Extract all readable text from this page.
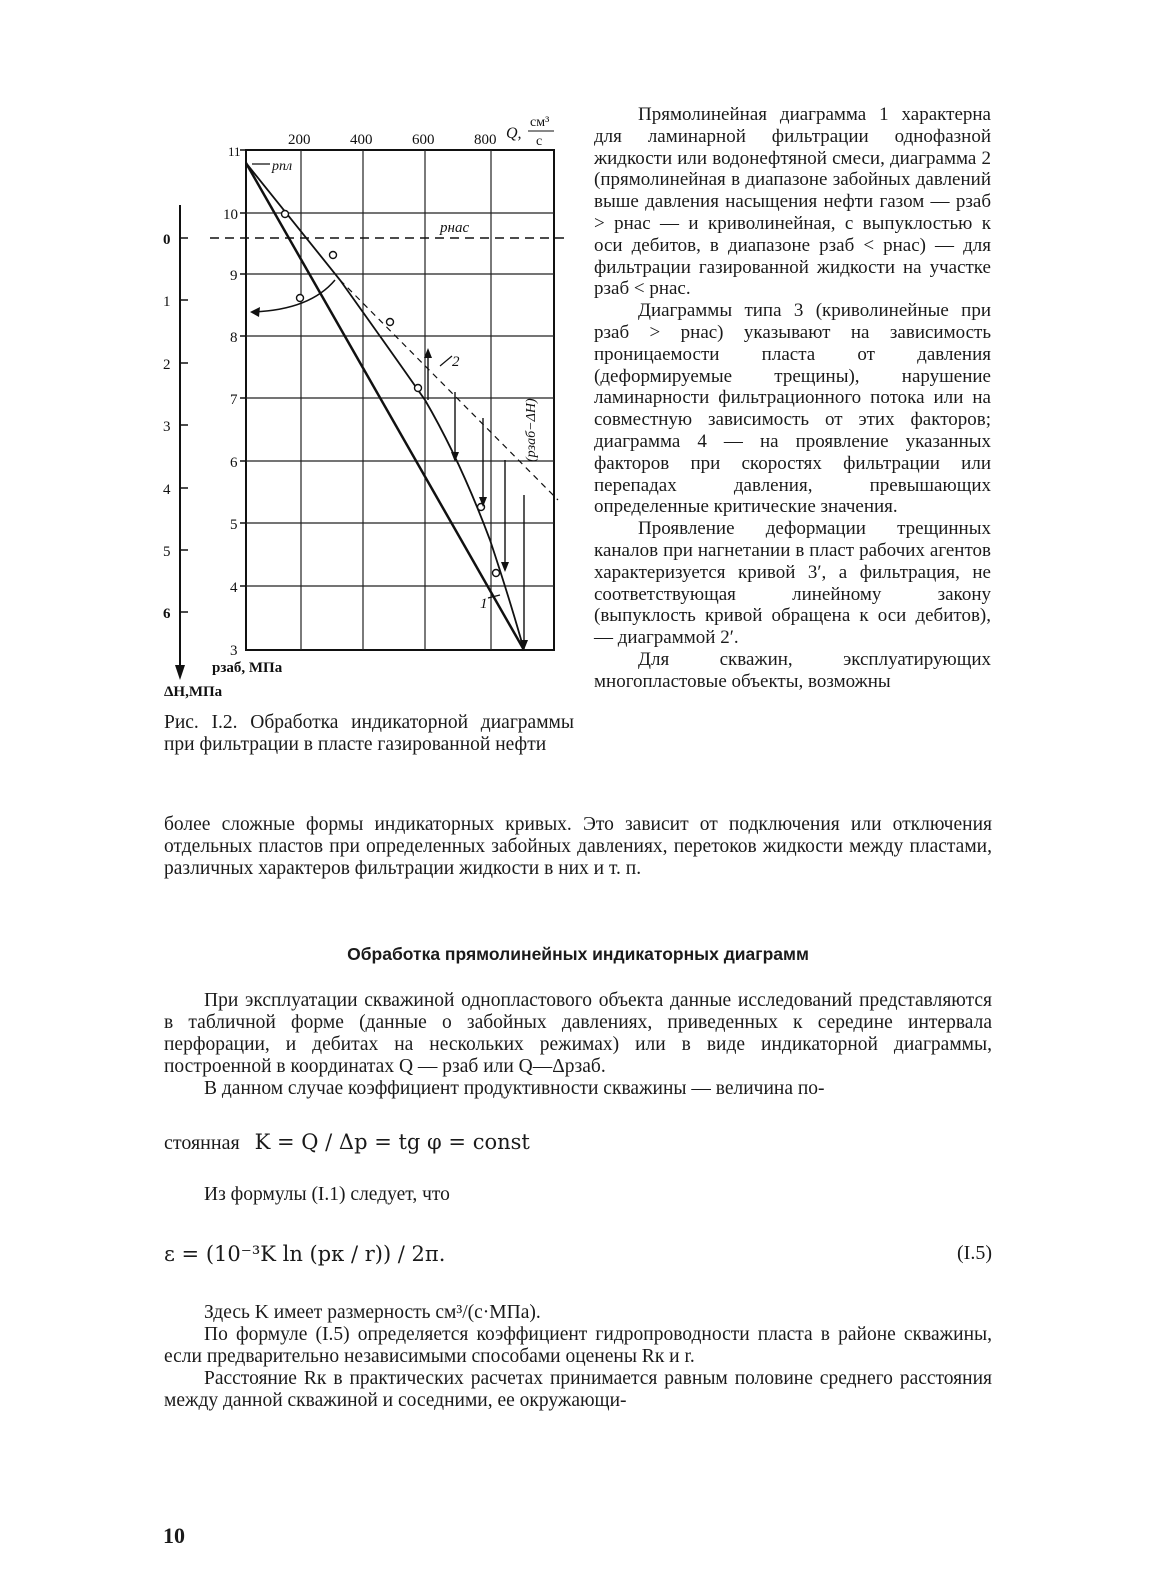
200	400	600	800 Q,
см³
с
11
10
9
8
7
6
5
4
3
0
1
2
3
4
5
6
pпл
pнас
(pзаб−ΔH)
2
1
pзаб, МПа
ΔH,МПа

Прямолинейная диаграмма 1 характерна для ламинарной фильтрации однофазной жидкости или водонефтяной смеси, диаграмма 2 (прямолинейная в диапазоне забойных давлений выше давления насыщения нефти газом — pзаб > pнас — и криволинейная, с выпуклостью к оси дебитов, в диапазоне pзаб < pнас) — для фильтрации газированной жидкости на участке pзаб < pнас.

Диаграммы типа 3 (криволинейные при pзаб > pнас) указывают на зависимость проницаемости пласта от давления (деформируемые трещины), нарушение ламинарности фильтрационного потока или на совместную зависимость от этих факторов; диаграмма 4 — на проявление указанных факторов при скоростях фильтрации или перепадах давления, превышающих определенные критические значения.

Проявление деформации трещинных каналов при нагнетании в пласт рабочих агентов характеризуется кривой 3′, а фильтрация, не соответствующая линейному закону (выпуклость кривой обращена к оси дебитов), — диаграммой 2′.

Для скважин, эксплуатирующих многопластовые объекты, возможны

Рис. I.2. Обработка индикаторной диаграммы при фильтрации в пласте газированной нефти

более сложные формы индикаторных кривых. Это зависит от подключения или отключения отдельных пластов при определенных забойных давлениях, перетоков жидкости между пластами, различных характеров фильтрации жидкости в них и т. п.

Обработка прямолинейных индикаторных диаграмм

При эксплуатации скважиной однопластового объекта данные исследований представляются в табличной форме (данные о забойных давлениях, приведенных к середине интервала перфорации, и дебитах на нескольких режимах) или в виде индикаторной диаграммы, построенной в координатах Q — pзаб или Q—Δpзаб.

В данном случае коэффициент продуктивности скважины — величина по-

стоянная K = Q / Δp = tg φ = const

Из формулы (I.1) следует, что

ε = (10⁻³K ln (pк / r)) / 2π.	(I.5)

Здесь K имеет размерность см³/(с·МПа).

По формуле (I.5) определяется коэффициент гидропроводности пласта в районе скважины, если предварительно независимыми способами оценены Rк и r.

Расстояние Rк в практических расчетах принимается равным половине среднего расстояния между данной скважиной и соседними, ее окружающи-

10
